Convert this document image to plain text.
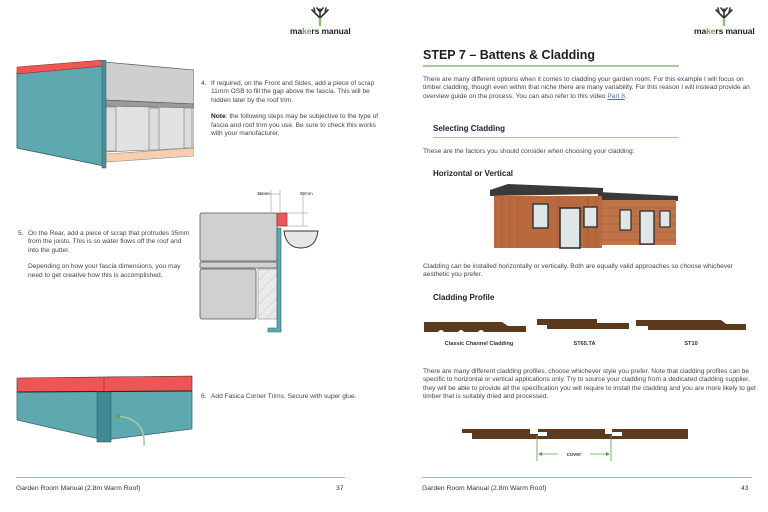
makers manual
4. If required, on the Front and Sides, add a piece of scrap 11mm OSB to fill the gap above the fascia. This will be hidden later by the roof trim.

Note: the following steps may be subjective to the type of fascia and roof trim you use. Be sure to check this works with your manufacturer.

5. On the Rear, add a piece of scrap that protrudes 35mm from the joists. This is so water flows off the roof and into the gutter.

Depending on how your fascia dimensions, you may need to get creative how this is accomplished.

35mm	50mm
6. Add Fasica Corner Trims. Secure with super glue.

Garden Room Manual (2.8m Warm Roof)	37
makers manual
STEP 7 – Battens & Cladding

There are many different options when it comes to cladding your garden room. For this example I will focus on timber cladding, though even within that niche there are many variability. For this reason I will instead provide an overview guide on the process. You can also refer to this video Part 8.

Selecting Cladding

These are the factors you should consider when choosing your cladding:

Horizontal or Vertical

Cladding can be installed horizontally or vertically. Both are equally valid approaches so choose whichever aesthetic you prefer.

Cladding Profile
Classic Channel Cladding	ST65.TA	ST10

There are many different cladding profiles, choose whichever style you prefer. Note that cladding profiles can be specific to horizontal or vertical applications only. Try to source your cladding from a dedicated cladding supplier, they will be able to provide all the specification you will require to install the cladding and you are more likely to get timber that is suitably dried and processed.

cover
Garden Room Manual (2.8m Warm Roof)	43
